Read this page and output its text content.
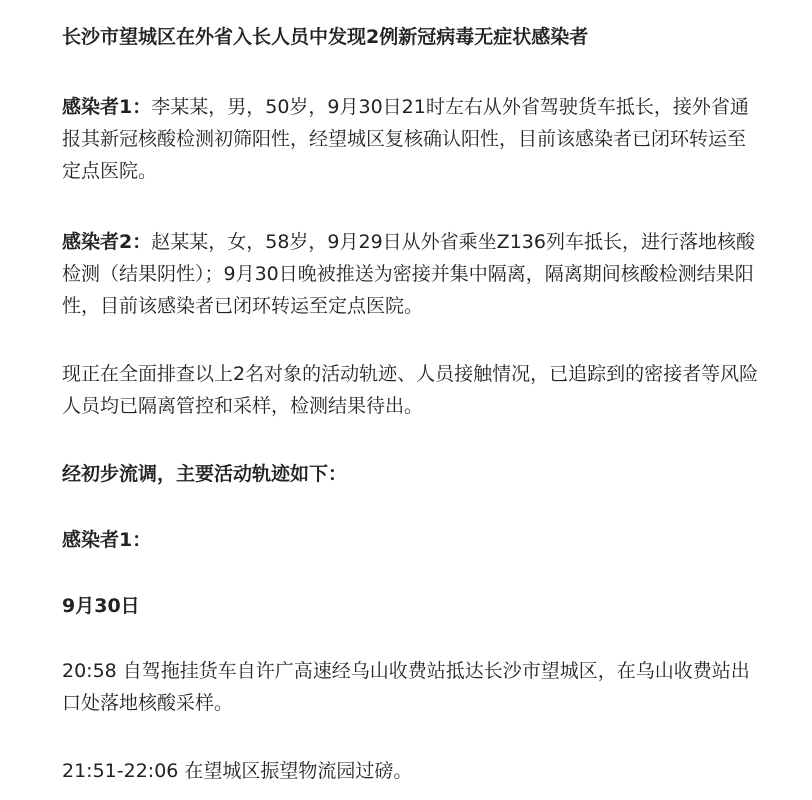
长沙市望城区在外省入长人员中发现2例新冠病毒无症状感染者

感染者1：李某某，男，50岁，9月30日21时左右从外省驾驶货车抵长，接外省通报其新冠核酸检测初筛阳性，经望城区复核确认阳性，目前该感染者已闭环转运至定点医院。

感染者2：赵某某，女，58岁，9月29日从外省乘坐Z136列车抵长，进行落地核酸检测（结果阴性）；9月30日晚被推送为密接并集中隔离，隔离期间核酸检测结果阳性，目前该感染者已闭环转运至定点医院。

现正在全面排查以上2名对象的活动轨迹、人员接触情况，已追踪到的密接者等风险人员均已隔离管控和采样，检测结果待出。

经初步流调，主要活动轨迹如下：

感染者1：

9月30日

20:58 自驾拖挂货车自许广高速经乌山收费站抵达长沙市望城区，在乌山收费站出口处落地核酸采样。

21:51-22:06 在望城区振望物流园过磅。
